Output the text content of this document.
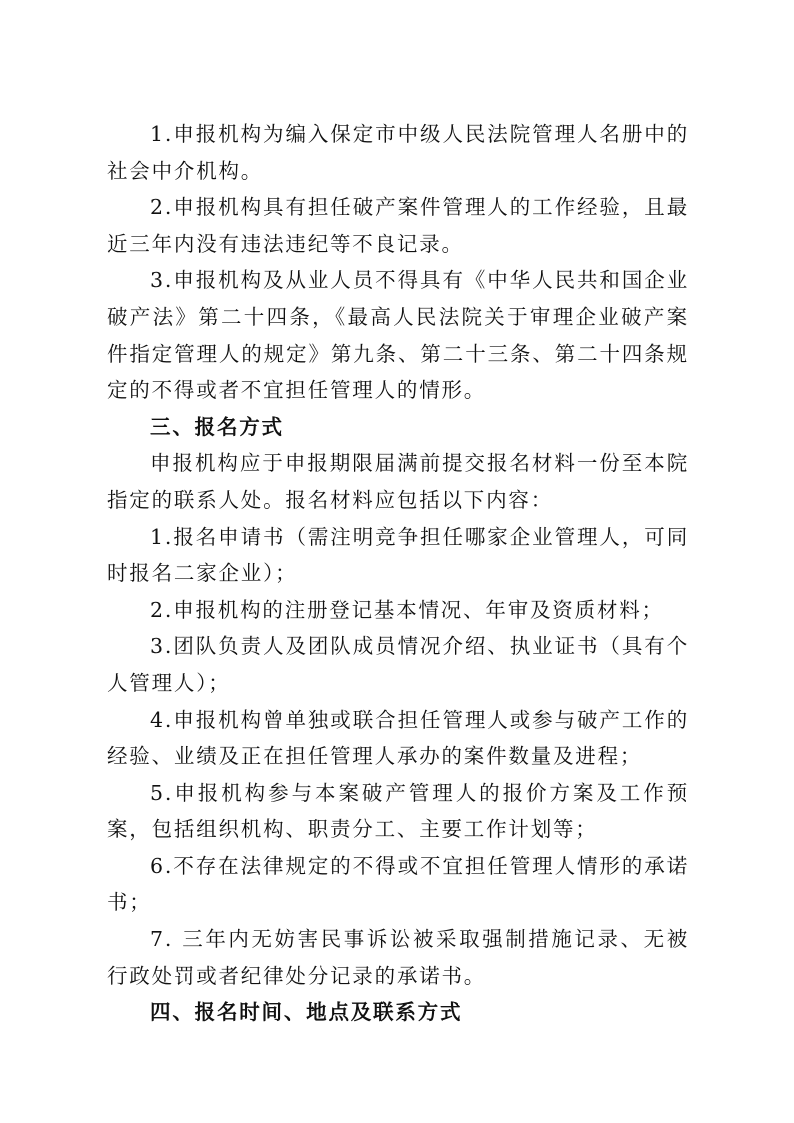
1.申报机构为编入保定市中级人民法院管理人名册中的社会中介机构。

2.申报机构具有担任破产案件管理人的工作经验，且最近三年内没有违法违纪等不良记录。

3.申报机构及从业人员不得具有《中华人民共和国企业破产法》第二十四条，《最高人民法院关于审理企业破产案件指定管理人的规定》第九条、第二十三条、第二十四条规定的不得或者不宜担任管理人的情形。

三、报名方式

申报机构应于申报期限届满前提交报名材料一份至本院指定的联系人处。报名材料应包括以下内容：

1.报名申请书（需注明竞争担任哪家企业管理人，可同时报名二家企业）；

2.申报机构的注册登记基本情况、年审及资质材料；

3.团队负责人及团队成员情况介绍、执业证书（具有个人管理人）；

4.申报机构曾单独或联合担任管理人或参与破产工作的经验、业绩及正在担任管理人承办的案件数量及进程；

5.申报机构参与本案破产管理人的报价方案及工作预案，包括组织机构、职责分工、主要工作计划等；

6.不存在法律规定的不得或不宜担任管理人情形的承诺书；

7. 三年内无妨害民事诉讼被采取强制措施记录、无被行政处罚或者纪律处分记录的承诺书。

四、报名时间、地点及联系方式
